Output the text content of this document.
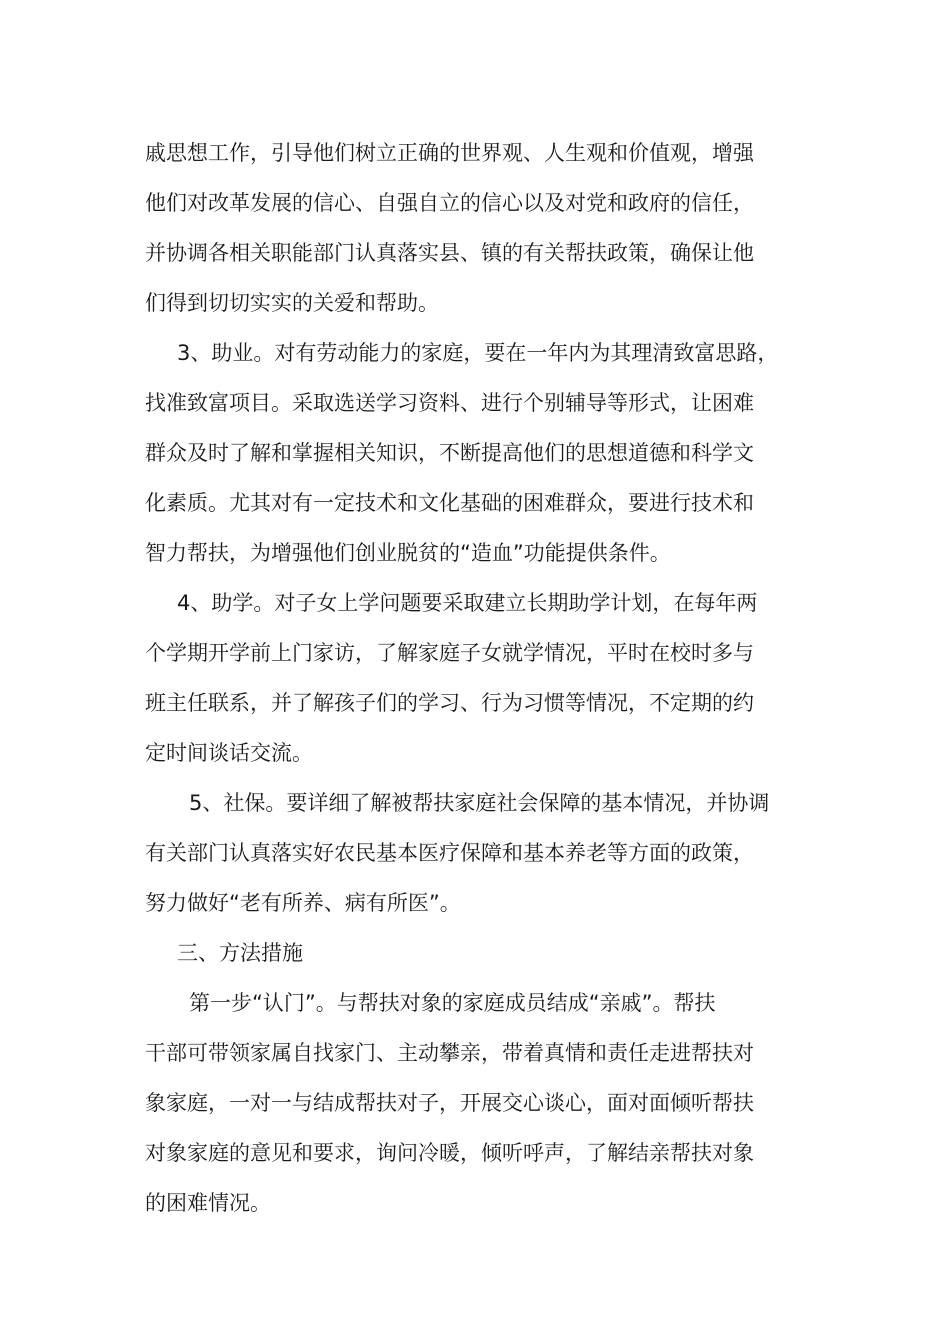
戚思想工作，引导他们树立正确的世界观、人生观和价值观，增强
他们对改革发展的信心、自强自立的信心以及对党和政府的信任，
并协调各相关职能部门认真落实县、镇的有关帮扶政策，确保让他
们得到切切实实的关爱和帮助。
3、助业。对有劳动能力的家庭，要在一年内为其理清致富思路，
找准致富项目。采取选送学习资料、进行个别辅导等形式，让困难
群众及时了解和掌握相关知识，不断提高他们的思想道德和科学文
化素质。尤其对有一定技术和文化基础的困难群众，要进行技术和
智力帮扶，为增强他们创业脱贫的“造血”功能提供条件。
4、助学。对子女上学问题要采取建立长期助学计划，在每年两
个学期开学前上门家访，了解家庭子女就学情况，平时在校时多与
班主任联系，并了解孩子们的学习、行为习惯等情况，不定期的约
定时间谈话交流。
5、社保。要详细了解被帮扶家庭社会保障的基本情况，并协调
有关部门认真落实好农民基本医疗保障和基本养老等方面的政策，
努力做好“老有所养、病有所医”。
三、方法措施
第一步“认门”。与帮扶对象的家庭成员结成“亲戚”。帮扶
干部可带领家属自找家门、主动攀亲，带着真情和责任走进帮扶对
象家庭，一对一与结成帮扶对子，开展交心谈心，面对面倾听帮扶
对象家庭的意见和要求，询问冷暖，倾听呼声，了解结亲帮扶对象
的困难情况。
